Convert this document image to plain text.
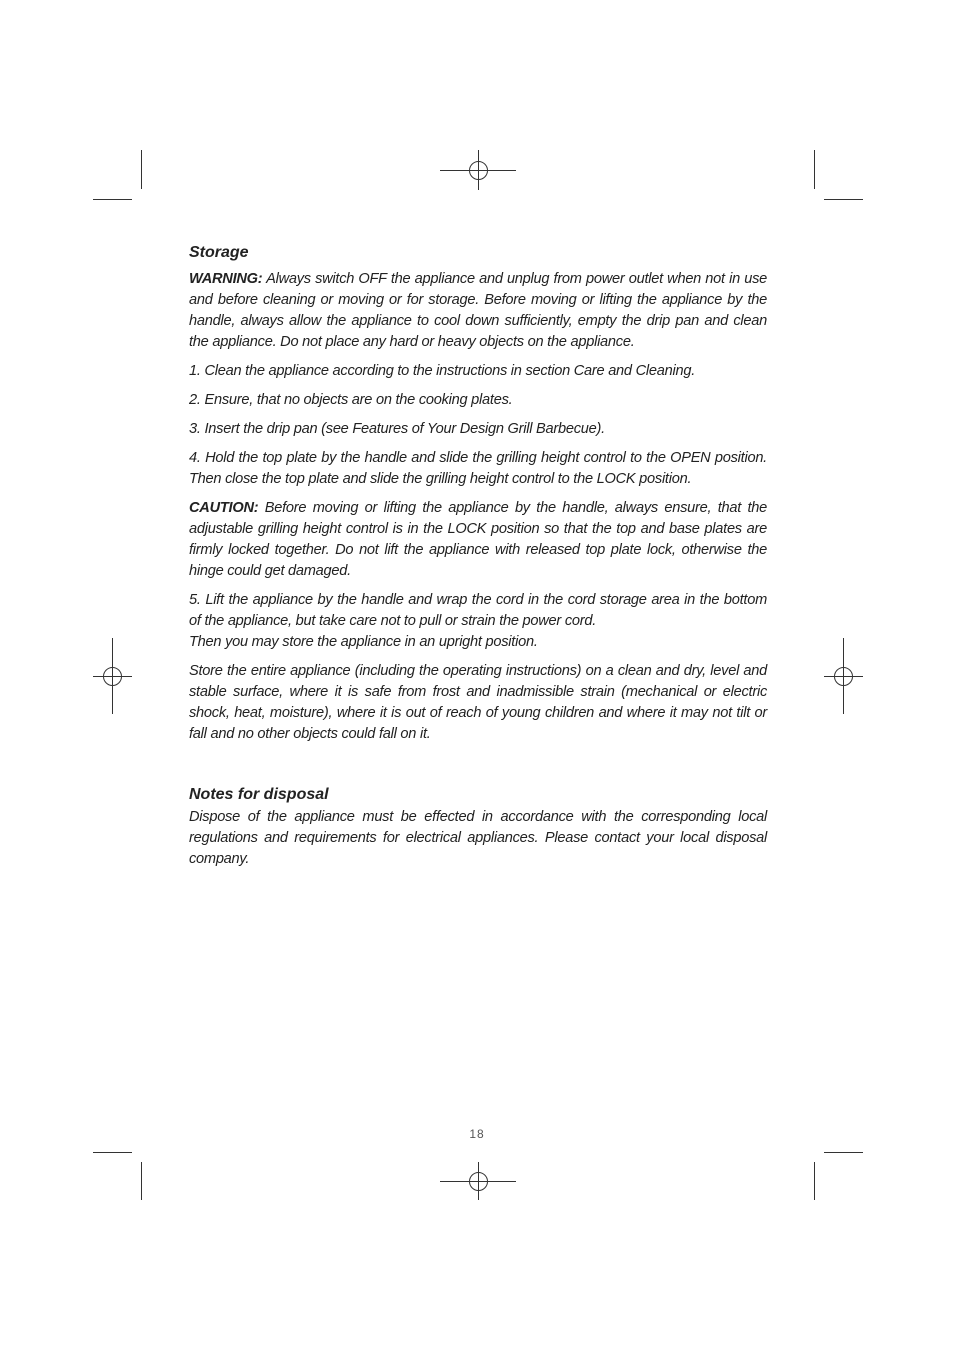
Storage

WARNING: Always switch OFF the appliance and unplug from power outlet when not in use and before cleaning or moving or for storage. Before moving or lifting the appliance by the handle, always allow the appliance to cool down sufficiently, empty the drip pan and clean the appliance. Do not place any hard or heavy objects on the appliance.

1. Clean the appliance according to the instructions in section Care and Cleaning.

2. Ensure, that no objects are on the cooking plates.

3. Insert the drip pan (see Features of Your Design Grill Barbecue).

4. Hold the top plate by the handle and slide the grilling height control to the OPEN position. Then close the top plate and slide the grilling height control to the LOCK position.

CAUTION: Before moving or lifting the appliance by the handle, always ensure, that the adjustable grilling height control is in the LOCK position so that the top and base plates are firmly locked together. Do not lift the appliance with released top plate lock, otherwise the hinge could get damaged.

5. Lift the appliance by the handle and wrap the cord in the cord storage area in the bottom of the appliance, but take care not to pull or strain the power cord.
Then you may store the appliance in an upright position.

Store the entire appliance (including the operating instructions) on a clean and dry, level and stable surface, where it is safe from frost and inadmissible strain (mechanical or electric shock, heat, moisture), where it is out of reach of young children and where it may not tilt or fall and no other objects could fall on it.

Notes for disposal

Dispose of the appliance must be effected in accordance with the corresponding local regulations and requirements for electrical appliances. Please contact your local disposal company.

18
